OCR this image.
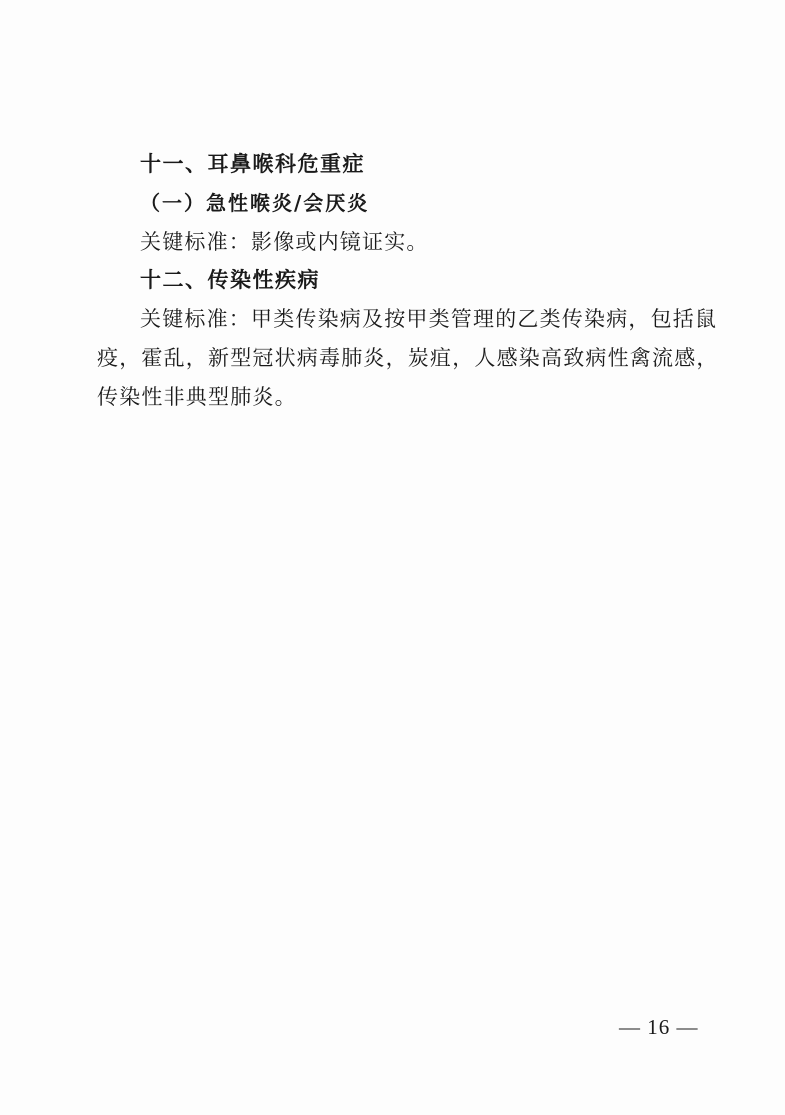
十一、耳鼻喉科危重症
（一）急性喉炎/会厌炎
关键标准：影像或内镜证实。
十二、传染性疾病
关键标准：甲类传染病及按甲类管理的乙类传染病，包括鼠
疫，霍乱，新型冠状病毒肺炎，炭疽，人感染高致病性禽流感，
传染性非典型肺炎。
— 16 —
